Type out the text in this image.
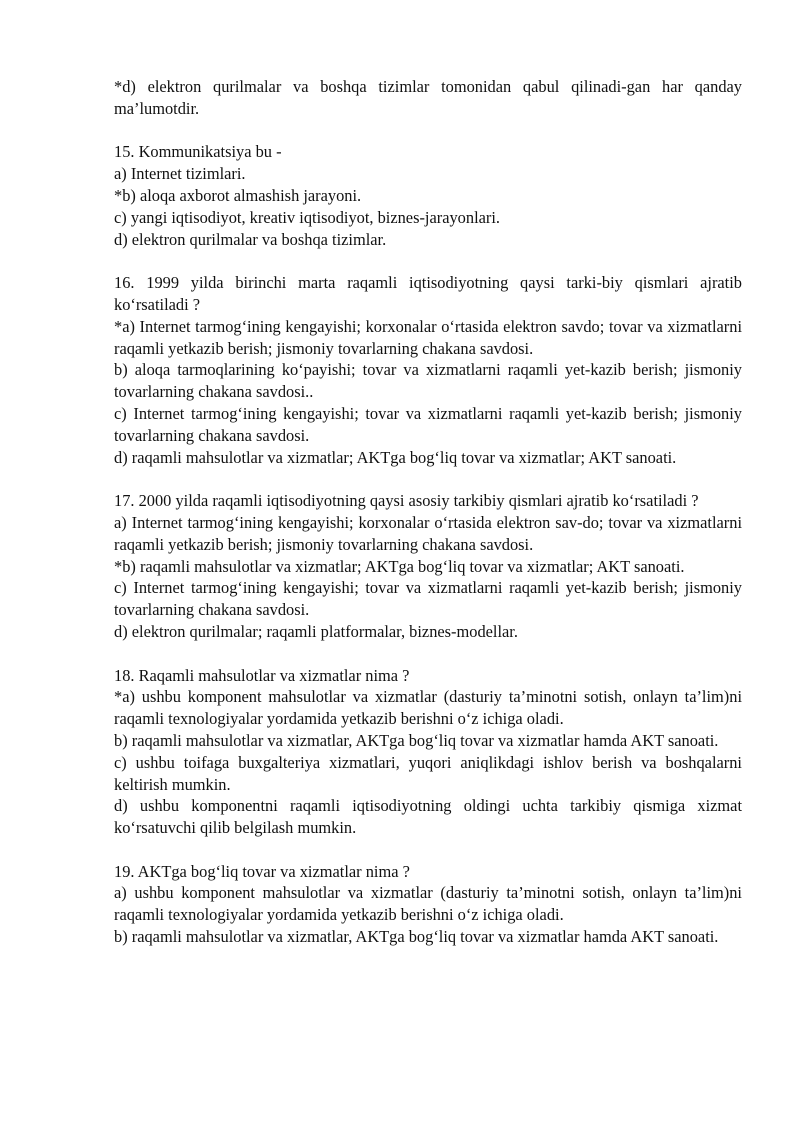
*d) elektron qurilmalar va boshqa tizimlar tomonidan qabul qilinadi-gan har qanday ma’lumotdir.
15. Kommunikatsiya bu -
a) Internet tizimlari.
*b) aloqa axborot almashish jarayoni.
c) yangi iqtisodiyot, kreativ iqtisodiyot, biznes-jarayonlari.
d) elektron qurilmalar va boshqa tizimlar.
16. 1999 yilda birinchi marta raqamli iqtisodiyotning qaysi tarki-biy qismlari ajratib ko‘rsatiladi ?
*a) Internet tarmog‘ining kengayishi; korxonalar o‘rtasida elektron savdo; tovar va xizmatlarni raqamli yetkazib berish; jismoniy tovarlarning chakana savdosi.
b) aloqa tarmoqlarining ko‘payishi; tovar va xizmatlarni raqamli yet-kazib berish; jismoniy tovarlarning chakana savdosi..
c) Internet tarmog‘ining kengayishi; tovar va xizmatlarni raqamli yet-kazib berish; jismoniy tovarlarning chakana savdosi.
d) raqamli mahsulotlar va xizmatlar; AKTga bog‘liq tovar va xizmatlar; AKT sanoati.
17. 2000 yilda raqamli iqtisodiyotning qaysi asosiy tarkibiy qismlari ajratib ko‘rsatiladi ?
a) Internet tarmog‘ining kengayishi; korxonalar o‘rtasida elektron sav-do; tovar va xizmatlarni raqamli yetkazib berish; jismoniy tovarlarning chakana savdosi.
*b) raqamli mahsulotlar va xizmatlar; AKTga bog‘liq tovar va xizmatlar; AKT sanoati.
c) Internet tarmog‘ining kengayishi; tovar va xizmatlarni raqamli yet-kazib berish; jismoniy tovarlarning chakana savdosi.
d) elektron qurilmalar; raqamli platformalar, biznes-modellar.
18. Raqamli mahsulotlar va xizmatlar nima ?
*a) ushbu komponent mahsulotlar va xizmatlar (dasturiy ta’minotni sotish, onlayn ta’lim)ni raqamli texnologiyalar yordamida yetkazib berishni o‘z ichiga oladi.
b) raqamli mahsulotlar va xizmatlar, AKTga bog‘liq tovar va xizmatlar hamda AKT sanoati.
c) ushbu toifaga buxgalteriya xizmatlari, yuqori aniqlikdagi ishlov berish va boshqalarni keltirish mumkin.
d) ushbu komponentni raqamli iqtisodiyotning oldingi uchta tarkibiy qismiga xizmat ko‘rsatuvchi qilib belgilash mumkin.
19. AKTga bog‘liq tovar va xizmatlar nima ?
a) ushbu komponent mahsulotlar va xizmatlar (dasturiy ta’minotni sotish, onlayn ta’lim)ni raqamli texnologiyalar yordamida yetkazib berishni o‘z ichiga oladi.
b) raqamli mahsulotlar va xizmatlar, AKTga bog‘liq tovar va xizmatlar hamda AKT sanoati.
